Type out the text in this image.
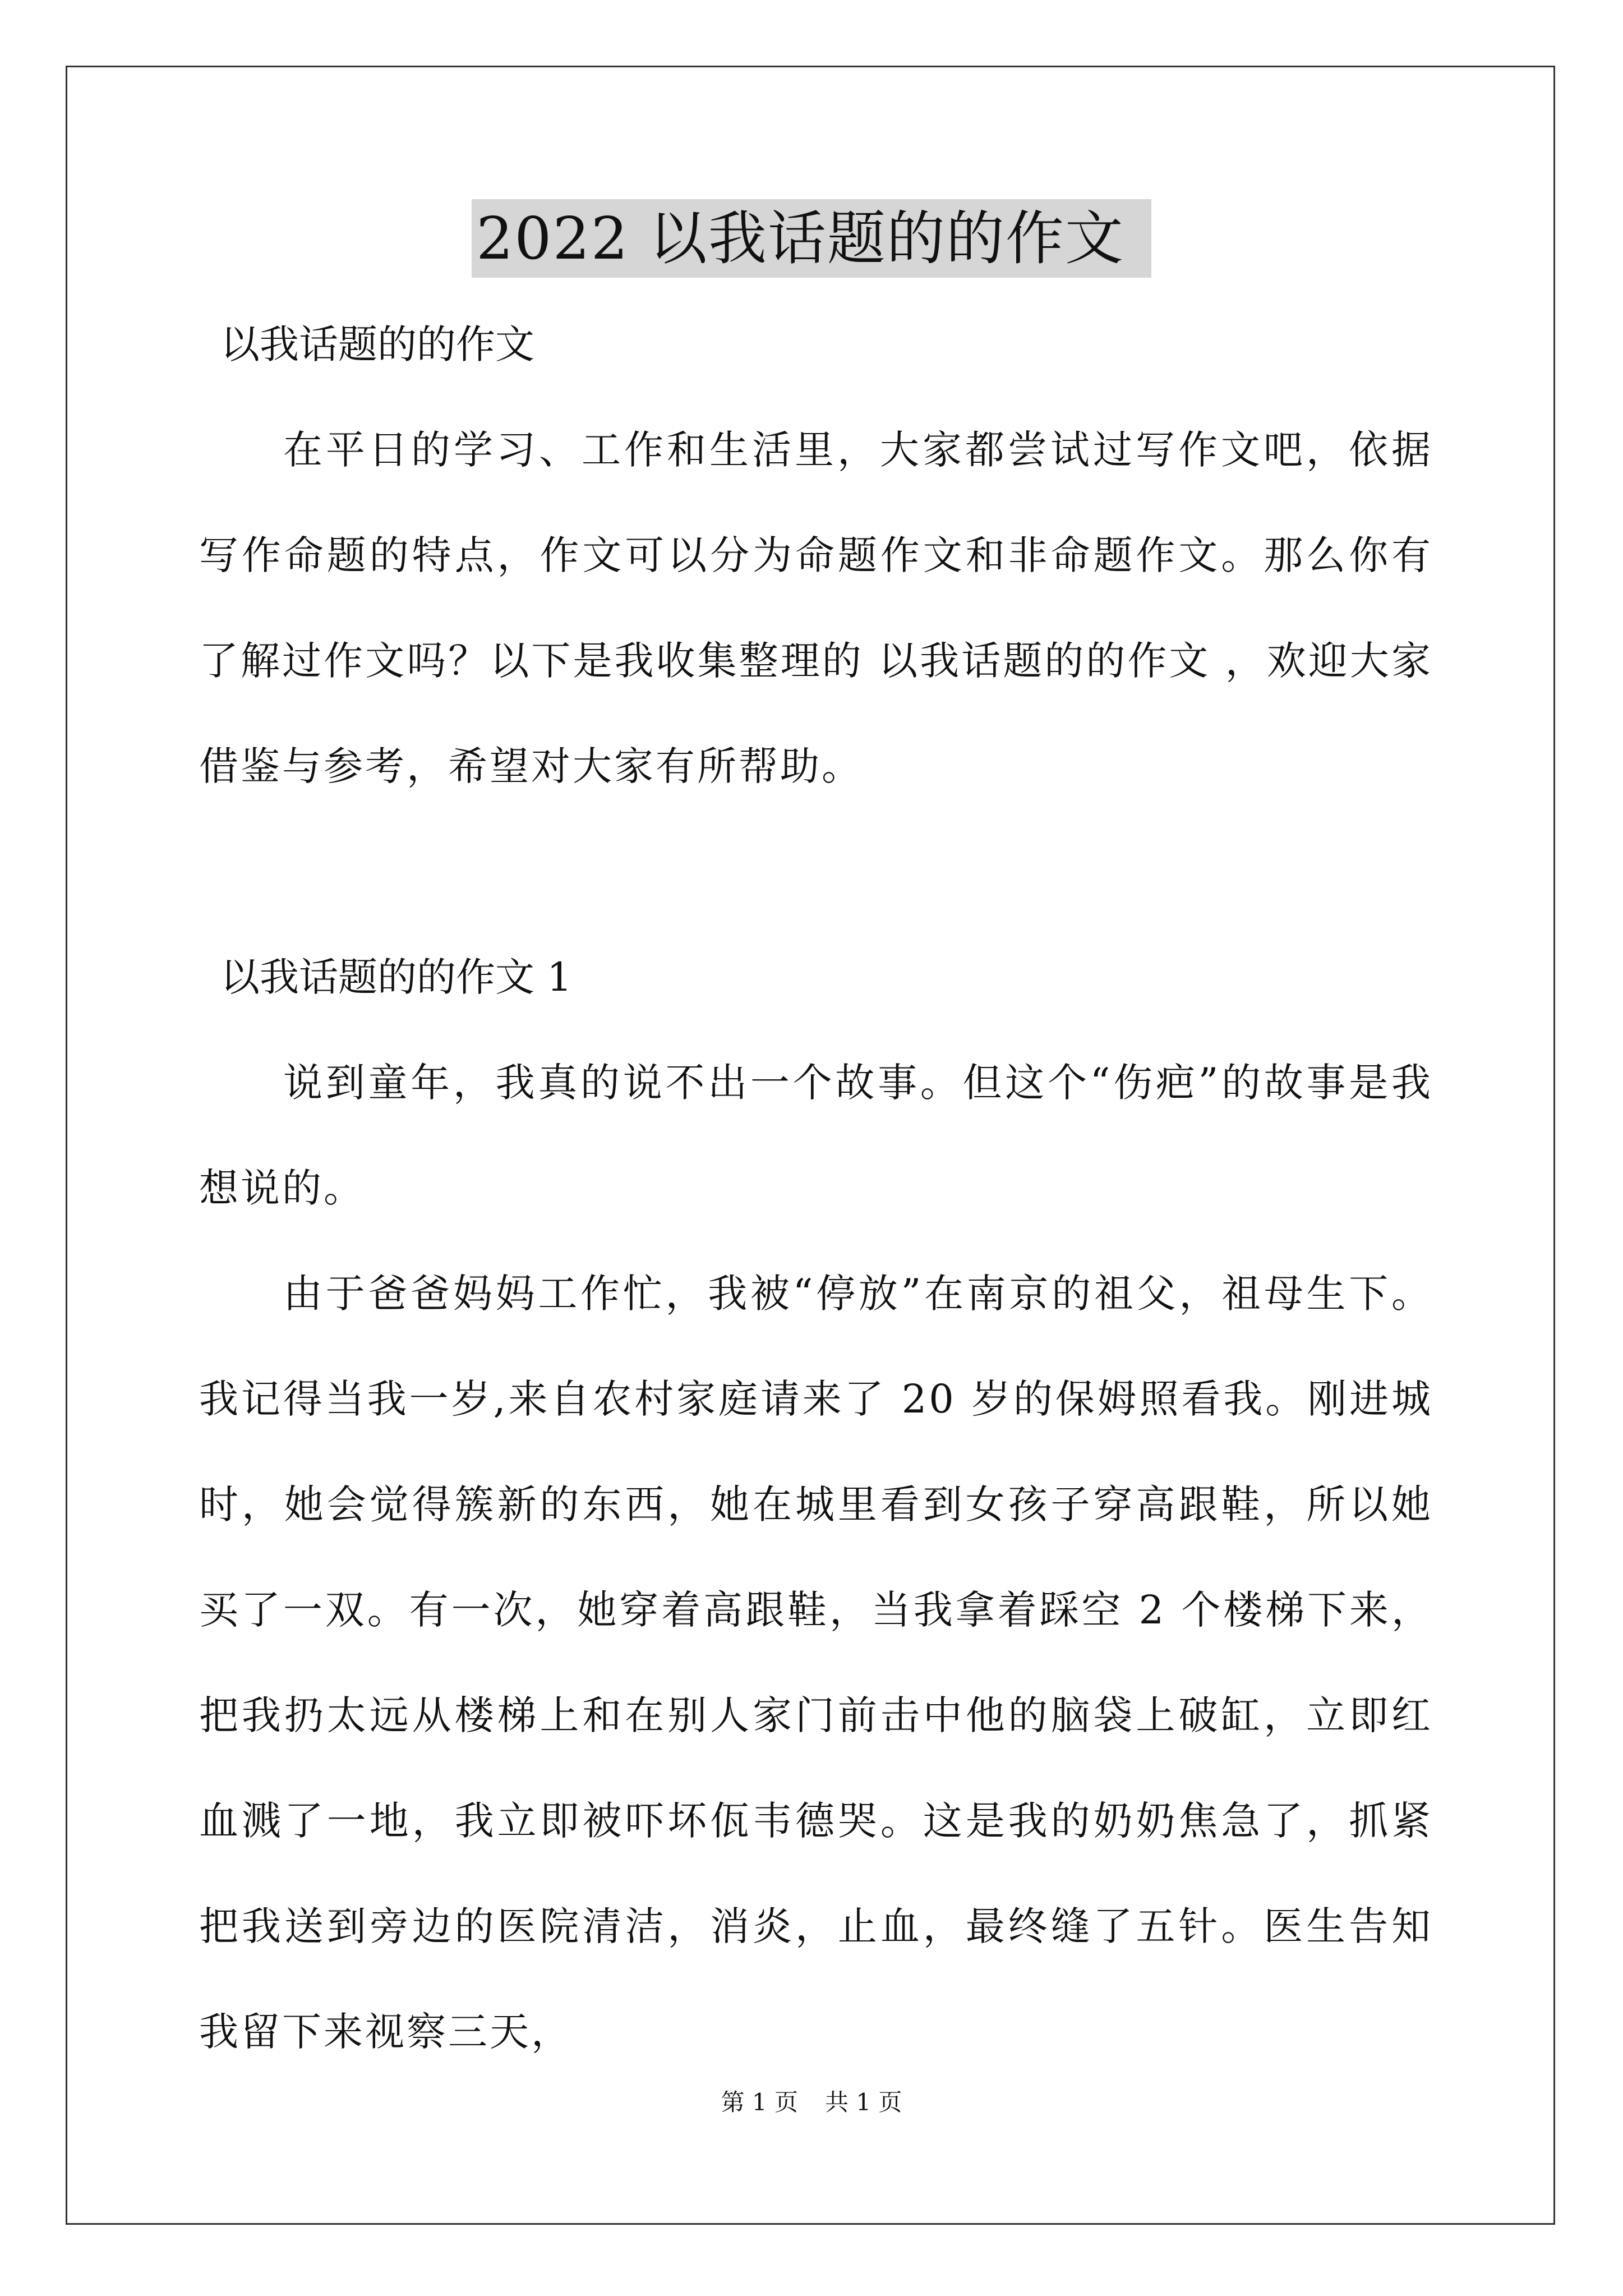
2022 以我话题的的作文

以我话题的的作文

在平日的学习、工作和生活里，大家都尝试过写作文吧，依据写作命题的特点，作文可以分为命题作文和非命题作文。那么你有了解过作文吗？以下是我收集整理的 以我话题的的作文 ，欢迎大家借鉴与参考，希望对大家有所帮助。

以我话题的的作文 1

说到童年，我真的说不出一个故事。但这个“伤疤”的故事是我想说的。

由于爸爸妈妈工作忙，我被“停放”在南京的祖父，祖母生下。我记得当我一岁,来自农村家庭请来了 20 岁的保姆照看我。刚进城时，她会觉得簇新的东西，她在城里看到女孩子穿高跟鞋，所以她买了一双。有一次，她穿着高跟鞋，当我拿着踩空 2 个楼梯下来，把我扔太远从楼梯上和在别人家门前击中他的脑袋上破缸，立即红血溅了一地，我立即被吓坏佤韦德哭。这是我的奶奶焦急了，抓紧把我送到旁边的医院清洁，消炎，止血，最终缝了五针。医生告知我留下来视察三天，

第 1 页 共 1 页
